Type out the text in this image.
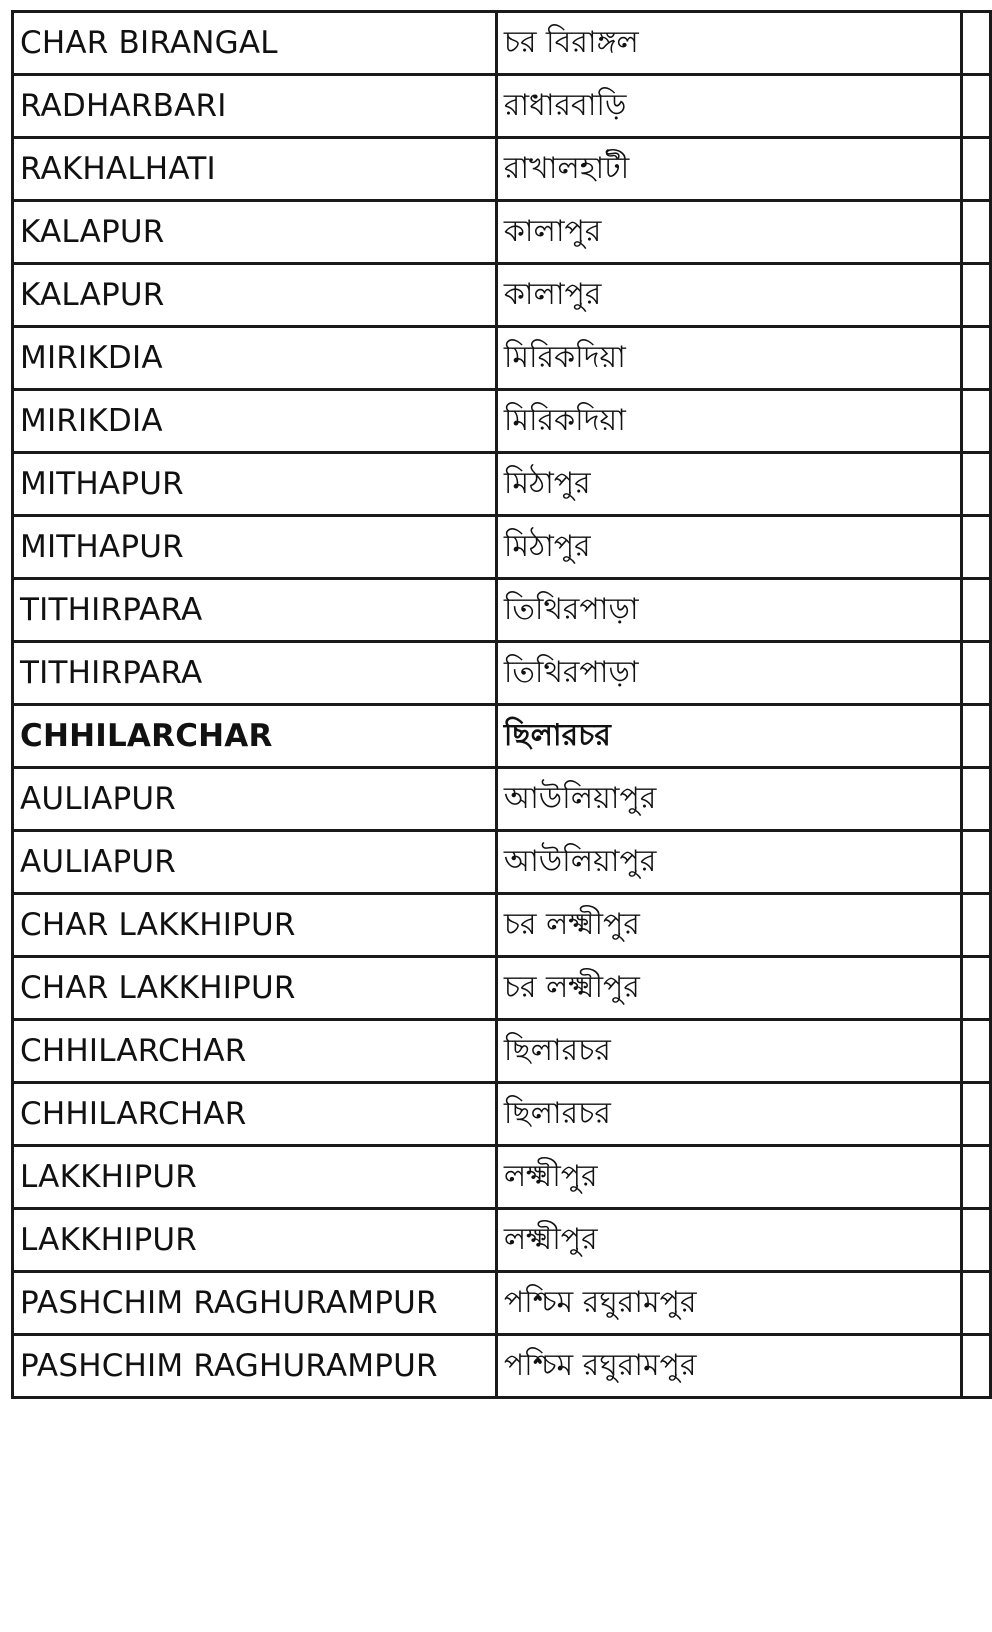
CHAR BIRANGAL	চর বিরাঙ্গল	
RADHARBARI	রাধারবাড়ি	
RAKHALHATI	রাখালহাটী	
KALAPUR	কালাপুর	
KALAPUR	কালাপুর	
MIRIKDIA	মিরিকদিয়া	
MIRIKDIA	মিরিকদিয়া	
MITHAPUR	মিঠাপুর	
MITHAPUR	মিঠাপুর	
TITHIRPARA	তিথিরপাড়া	
TITHIRPARA	তিথিরপাড়া	
CHHILARCHAR	ছিলারচর	
AULIAPUR	আউলিয়াপুর	
AULIAPUR	আউলিয়াপুর	
CHAR LAKKHIPUR	চর লক্ষ্মীপুর	
CHAR LAKKHIPUR	চর লক্ষ্মীপুর	
CHHILARCHAR	ছিলারচর	
CHHILARCHAR	ছিলারচর	
LAKKHIPUR	লক্ষ্মীপুর	
LAKKHIPUR	লক্ষ্মীপুর	
PASHCHIM RAGHURAMPUR	পশ্চিম রঘুরামপুর	
PASHCHIM RAGHURAMPUR	পশ্চিম রঘুরামপুর	
